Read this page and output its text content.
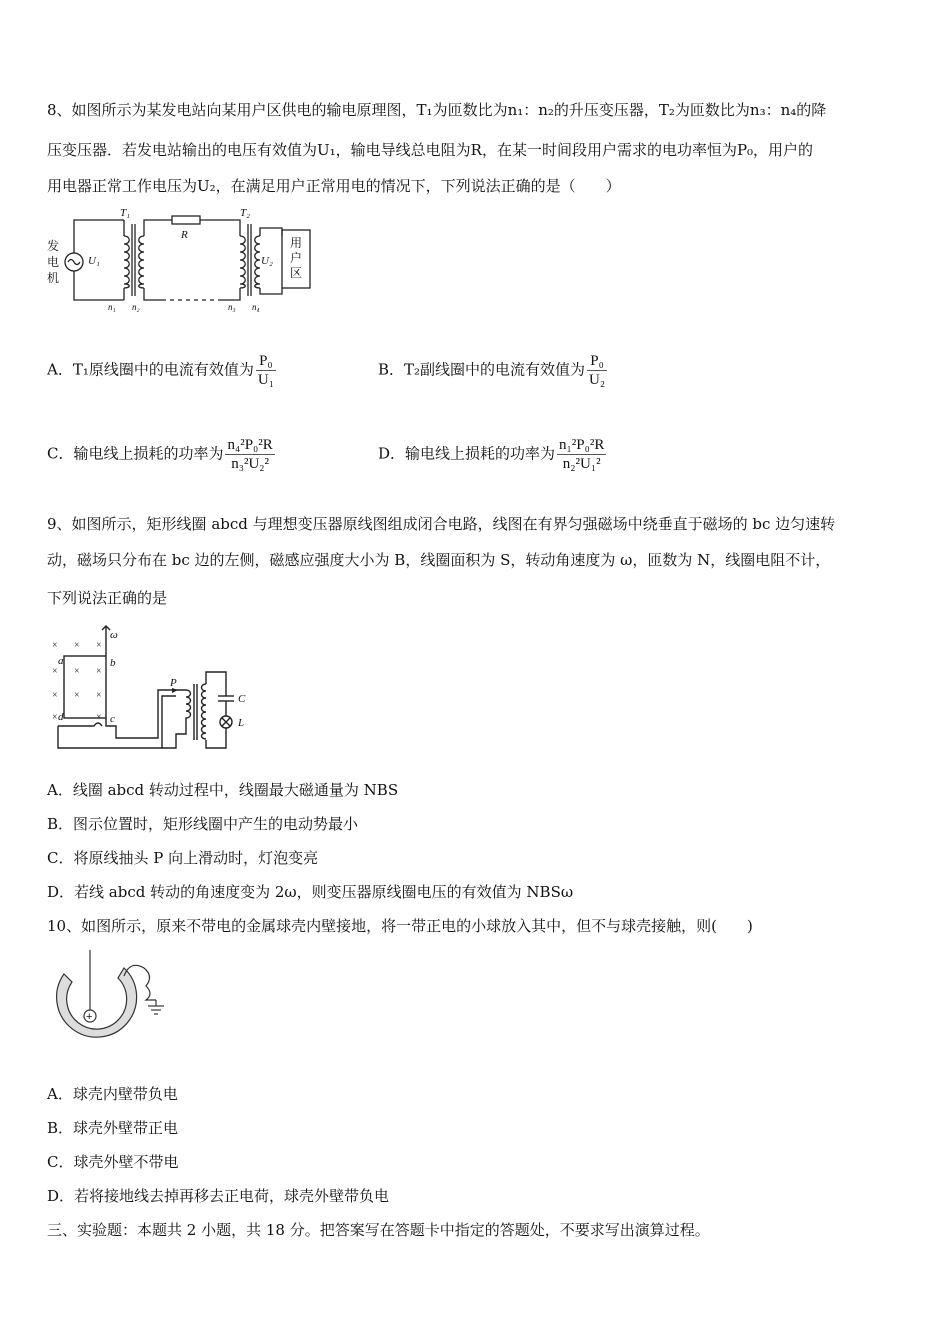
8、如图所示为某发电站向某用户区供电的输电原理图，T₁为匝数比为n₁：n₂的升压变压器，T₂为匝数比为n₃：n₄的降
压变压器．若发电站输出的电压有效值为U₁，输电导线总电阻为R，在某一时间段用户需求的电功率恒为P₀，用户的
用电器正常工作电压为U₂，在满足用户正常用电的情况下，下列说法正确的是（　　）
发
电
机
U₁
T₁
R
T₂
U₂
用
户
区
n₁ n₂	n₃ n₄
A．T₁原线圈中的电流有效值为 $\frac{\text{P₀}}{\text{U₁}}$	B．T₂副线圈中的电流有效值为 $\frac{\text{P₀}}{\text{U₂}}$
C．输电线上损耗的功率为 $\frac{\text{n₄²P₀²R}}{\text{n₃²U₂²}}$	D．输电线上损耗的功率为 $\frac{\text{n₁²P₀²R}}{\text{n₂²U₁²}}$
9、如图所示，矩形线圈 abcd 与理想变压器原线图组成闭合电路，线图在有界匀强磁场中绕垂直于磁场的 bc 边匀速转
动，磁场只分布在 bc 边的左侧，磁感应强度大小为 B，线圈面积为 S，转动角速度为 ω，匝数为 N，线圈电阻不计，
下列说法正确的是
× × ×
× × ×
× × ×
×	×
ω
a	b
d	c
P
C
L
A．线圈 abcd 转动过程中，线圈最大磁通量为 NBS
B．图示位置时，矩形线圈中产生的电动势最小
C．将原线抽头 P 向上滑动时，灯泡变亮
D．若线 abcd 转动的角速度变为 2ω，则变压器原线圈电压的有效值为 NBSω
10、如图所示，原来不带电的金属球壳内壁接地，将一带正电的小球放入其中，但不与球壳接触，则(　　)
+
A．球壳内壁带负电
B．球壳外壁带正电
C．球壳外壁不带电
D．若将接地线去掉再移去正电荷，球壳外壁带负电
三、实验题：本题共 2 小题，共 18 分。把答案写在答题卡中指定的答题处，不要求写出演算过程。
